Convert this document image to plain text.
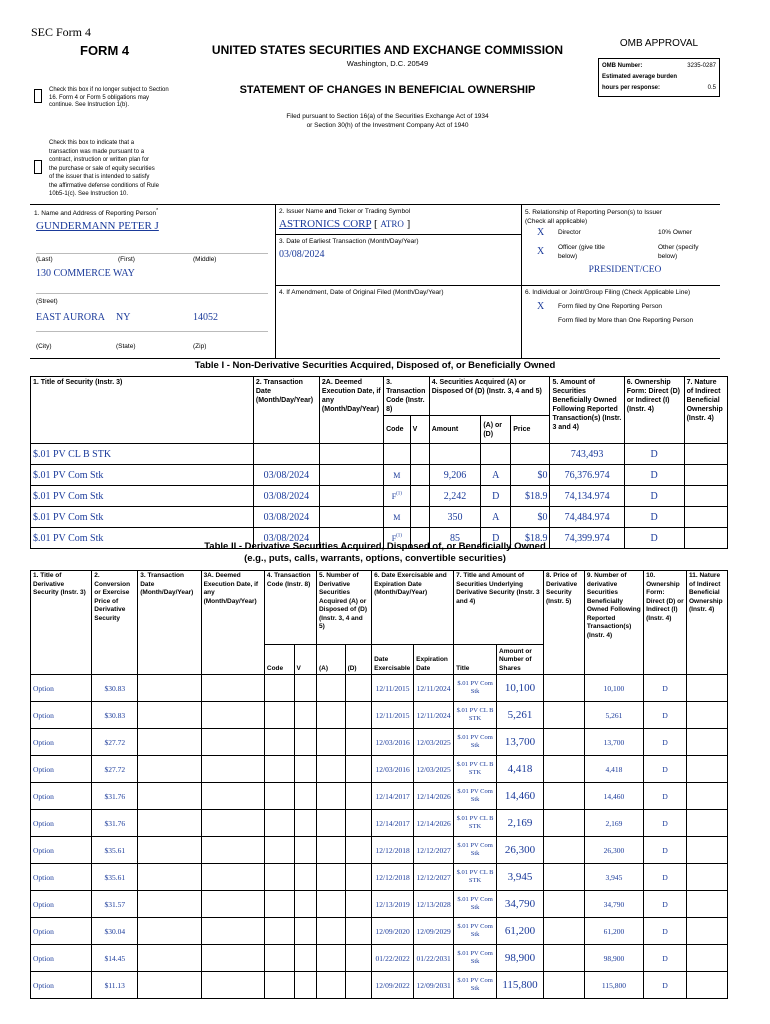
SEC Form 4
FORM 4	UNITED STATES SECURITIES AND EXCHANGE COMMISSION
Washington, D.C. 20549
OMB APPROVAL
OMB Number:	3235-0287
Estimated average burden
hours per response:	0.5
Check this box if no longer subject to Section 16. Form 4 or Form 5 obligations may continue. See Instruction 1(b).
STATEMENT OF CHANGES IN BENEFICIAL OWNERSHIP
Filed pursuant to Section 16(a) of the Securities Exchange Act of 1934
or Section 30(h) of the Investment Company Act of 1940
Check this box to indicate that a transaction was made pursuant to a contract, instruction or written plan for the purchase or sale of equity securities of the issuer that is intended to satisfy the affirmative defense conditions of Rule 10b5-1(c). See Instruction 10.
1. Name and Address of Reporting Person*
GUNDERMANN PETER J
(Last)	(First)	(Middle)
130 COMMERCE WAY
(Street)
EAST AURORA NY	14052
(City)	(State)	(Zip)
2. Issuer Name and Ticker or Trading Symbol
ASTRONICS CORP [ ATRO ]
3. Date of Earliest Transaction (Month/Day/Year)
03/08/2024
4. If Amendment, Date of Original Filed (Month/Day/Year)
5. Relationship of Reporting Person(s) to Issuer
(Check all applicable)
X Director	10% Owner
X Officer (give title below)
Other (specify below)
PRESIDENT/CEO
6. Individual or Joint/Group Filing (Check Applicable Line)
X Form filed by One Reporting Person
Form filed by More than One Reporting Person
Table I - Non-Derivative Securities Acquired, Disposed of, or Beneficially Owned
1. Title of Security (Instr. 3)	2. Transaction Date (Month/Day/Year)	2A. Deemed Execution Date, if any (Month/Day/Year)	3. Transaction Code (Instr. 8)		4. Securities Acquired (A) or Disposed Of (D) (Instr. 3, 4 and 5)			5. Amount of Securities Beneficially Owned Following Reported Transaction(s) (Instr. 3 and 4)	6. Ownership Form: Direct (D) or Indirect (I) (Instr. 4)	7. Nature of Indirect Beneficial Ownership (Instr. 4)
			Code	V	Amount	(A) or (D)	Price			
$.01 PV CL B STK								743,493	D	
$.01 PV Com Stk	03/08/2024		M		9,206	A	$0	76,376.974	D	
$.01 PV Com Stk	03/08/2024		$F^{(1)}$		2,242	D	$18.9	74,134.974	D	
$.01 PV Com Stk	03/08/2024		M		350	A	$0	74,484.974	D	
$.01 PV Com Stk	03/08/2024		$F^{(1)}$		85	D	$18.9	74,399.974	D	
Table II - Derivative Securities Acquired, Disposed of, or Beneficially Owned
(e.g., puts, calls, warrants, options, convertible securities)
1. Title of Derivative Security (Instr. 3)	2. Conversion or Exercise Price of Derivative Security	3. Transaction Date (Month/Day/Year)	3A. Deemed Execution Date, if any (Month/Day/Year)	4. Transaction Code (Instr. 8)		5. Number of Derivative Securities Acquired (A) or Disposed of (D) (Instr. 3, 4 and 5)		6. Date Exercisable and Expiration Date (Month/Day/Year)		7. Title and Amount of Securities Underlying Derivative Security (Instr. 3 and 4)		8. Price of Derivative Security (Instr. 5)	9. Number of derivative Securities Beneficially Owned Following Reported Transaction(s) (Instr. 4)	10. Ownership Form: Direct (D) or Indirect (I) (Instr. 4)	11. Nature of Indirect Beneficial Ownership (Instr. 4)
				Code	V	(A)	(D)	Date Exercisable	Expiration Date	Title	Amount or Number of Shares				
Option	$30.83							12/11/2015	12/11/2024	$.01 PV Com Stk	10,100		10,100	D	
Option	$30.83							12/11/2015	12/11/2024	$.01 PV CL B STK	5,261		5,261	D	
Option	$27.72							12/03/2016	12/03/2025	$.01 PV Com Stk	13,700		13,700	D	
Option	$27.72							12/03/2016	12/03/2025	$.01 PV CL B STK	4,418		4,418	D	
Option	$31.76							12/14/2017	12/14/2026	$.01 PV Com Stk	14,460		14,460	D	
Option	$31.76							12/14/2017	12/14/2026	$.01 PV CL B STK	2,169		2,169	D	
Option	$35.61							12/12/2018	12/12/2027	$.01 PV Com Stk	26,300		26,300	D	
Option	$35.61							12/12/2018	12/12/2027	$.01 PV CL B STK	3,945		3,945	D	
Option	$31.57							12/13/2019	12/13/2028	$.01 PV Com Stk	34,790		34,790	D	
Option	$30.04							12/09/2020	12/09/2029	$.01 PV Com Stk	61,200		61,200	D	
Option	$14.45							01/22/2022	01/22/2031	$.01 PV Com Stk	98,900		98,900	D	
Option	$11.13							12/09/2022	12/09/2031	$.01 PV Com Stk	115,800		115,800	D	
